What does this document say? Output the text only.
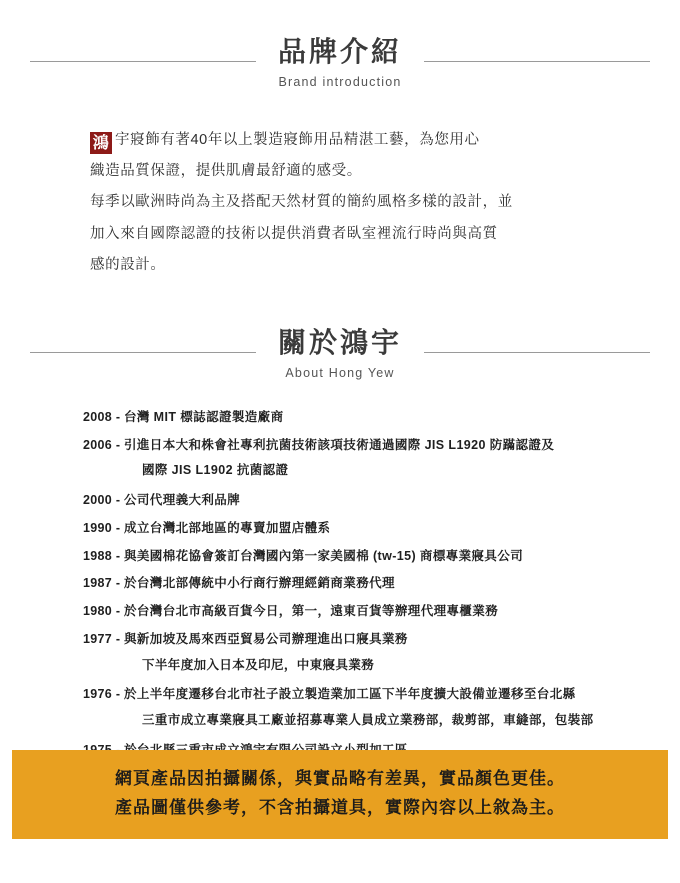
品牌介紹
Brand introduction
鴻 宇寢飾有著40年以上製造寢飾用品精湛工藝，為您用心
織造品質保證，提供肌膚最舒適的感受。
每季以歐洲時尚為主及搭配天然材質的簡約風格多樣的設計，並
加入來自國際認證的技術以提供消費者臥室裡流行時尚與高質
感的設計。
關於鴻宇
About Hong Yew
2008 - 台灣 MIT 標誌認證製造廠商
2006 - 引進日本大和株會社專利抗菌技術該項技術通過國際 JIS L1920 防蹣認證及
國際 JIS L1902 抗菌認證
2000 - 公司代理義大利品牌
1990 - 成立台灣北部地區的專賣加盟店體系
1988 - 與美國棉花協會簽訂台灣國內第一家美國棉 (tw-15) 商標專業寢具公司
1987 - 於台灣北部傳統中小行商行辦理經銷商業務代理
1980 - 於台灣台北市高級百貨今日，第一，遠東百貨等辦理代理專櫃業務
1977 - 與新加坡及馬來西亞貿易公司辦理進出口寢具業務
下半年度加入日本及印尼，中東寢具業務
1976 - 於上半年度遷移台北市社子設立製造業加工區下半年度擴大設備並遷移至台北縣
三重市成立專業寢具工廠並招募專業人員成立業務部，裁剪部，車縫部，包裝部
網頁產品因拍攝關係，與實品略有差異，實品顏色更佳。
產品圖僅供參考，不含拍攝道具，實際內容以上敘為主。
